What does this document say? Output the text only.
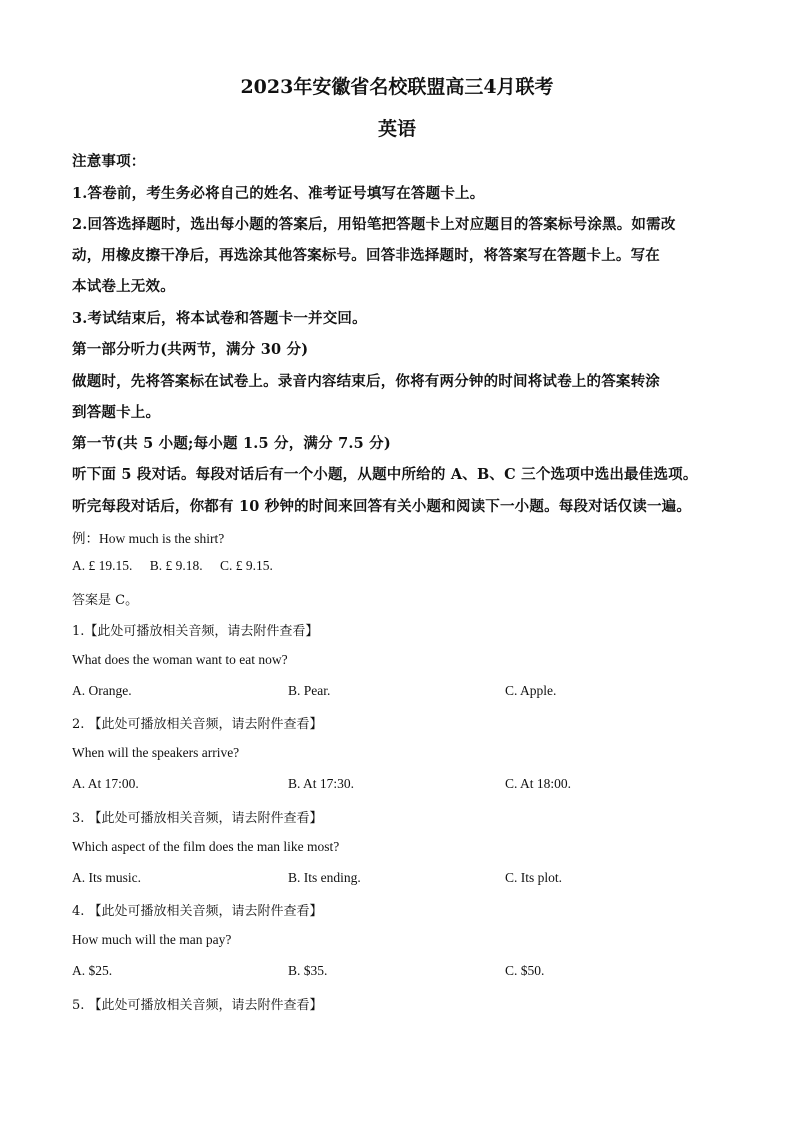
2023年安徽省名校联盟高三4月联考
英语
注意事项：
1.答卷前，考生务必将自己的姓名、准考证号填写在答题卡上。
2.回答选择题时，选出每小题的答案后，用铅笔把答题卡上对应题目的答案标号涂黑。如需改
动，用橡皮擦干净后，再选涂其他答案标号。回答非选择题时，将答案写在答题卡上。写在
本试卷上无效。
3.考试结束后，将本试卷和答题卡一并交回。
第一部分听力(共两节，满分 30 分)
做题时，先将答案标在试卷上。录音内容结束后，你将有两分钟的时间将试卷上的答案转涂
到答题卡上。
第一节(共 5 小题;每小题 1.5 分，满分 7.5 分)
听下面 5 段对话。每段对话后有一个小题，从题中所给的 A、B、C 三个选项中选出最佳选项。
听完每段对话后，你都有 10 秒钟的时间来回答有关小题和阅读下一小题。每段对话仅读一遍。
例：How much is the shirt?
A. £ 19.15. B. £ 9.18. C. £ 9.15.
答案是 C。
1.【此处可播放相关音频，请去附件查看】
What does the woman want to eat now?
A. Orange.	B. Pear.	C. Apple.
2. 【此处可播放相关音频，请去附件查看】
When will the speakers arrive?
A. At 17:00.	B. At 17:30.	C. At 18:00.
3. 【此处可播放相关音频，请去附件查看】
Which aspect of the film does the man like most?
A. Its music.	B. Its ending.	C. Its plot.
4. 【此处可播放相关音频，请去附件查看】
How much will the man pay?
A. $25.	B. $35.	C. $50.
5. 【此处可播放相关音频，请去附件查看】
